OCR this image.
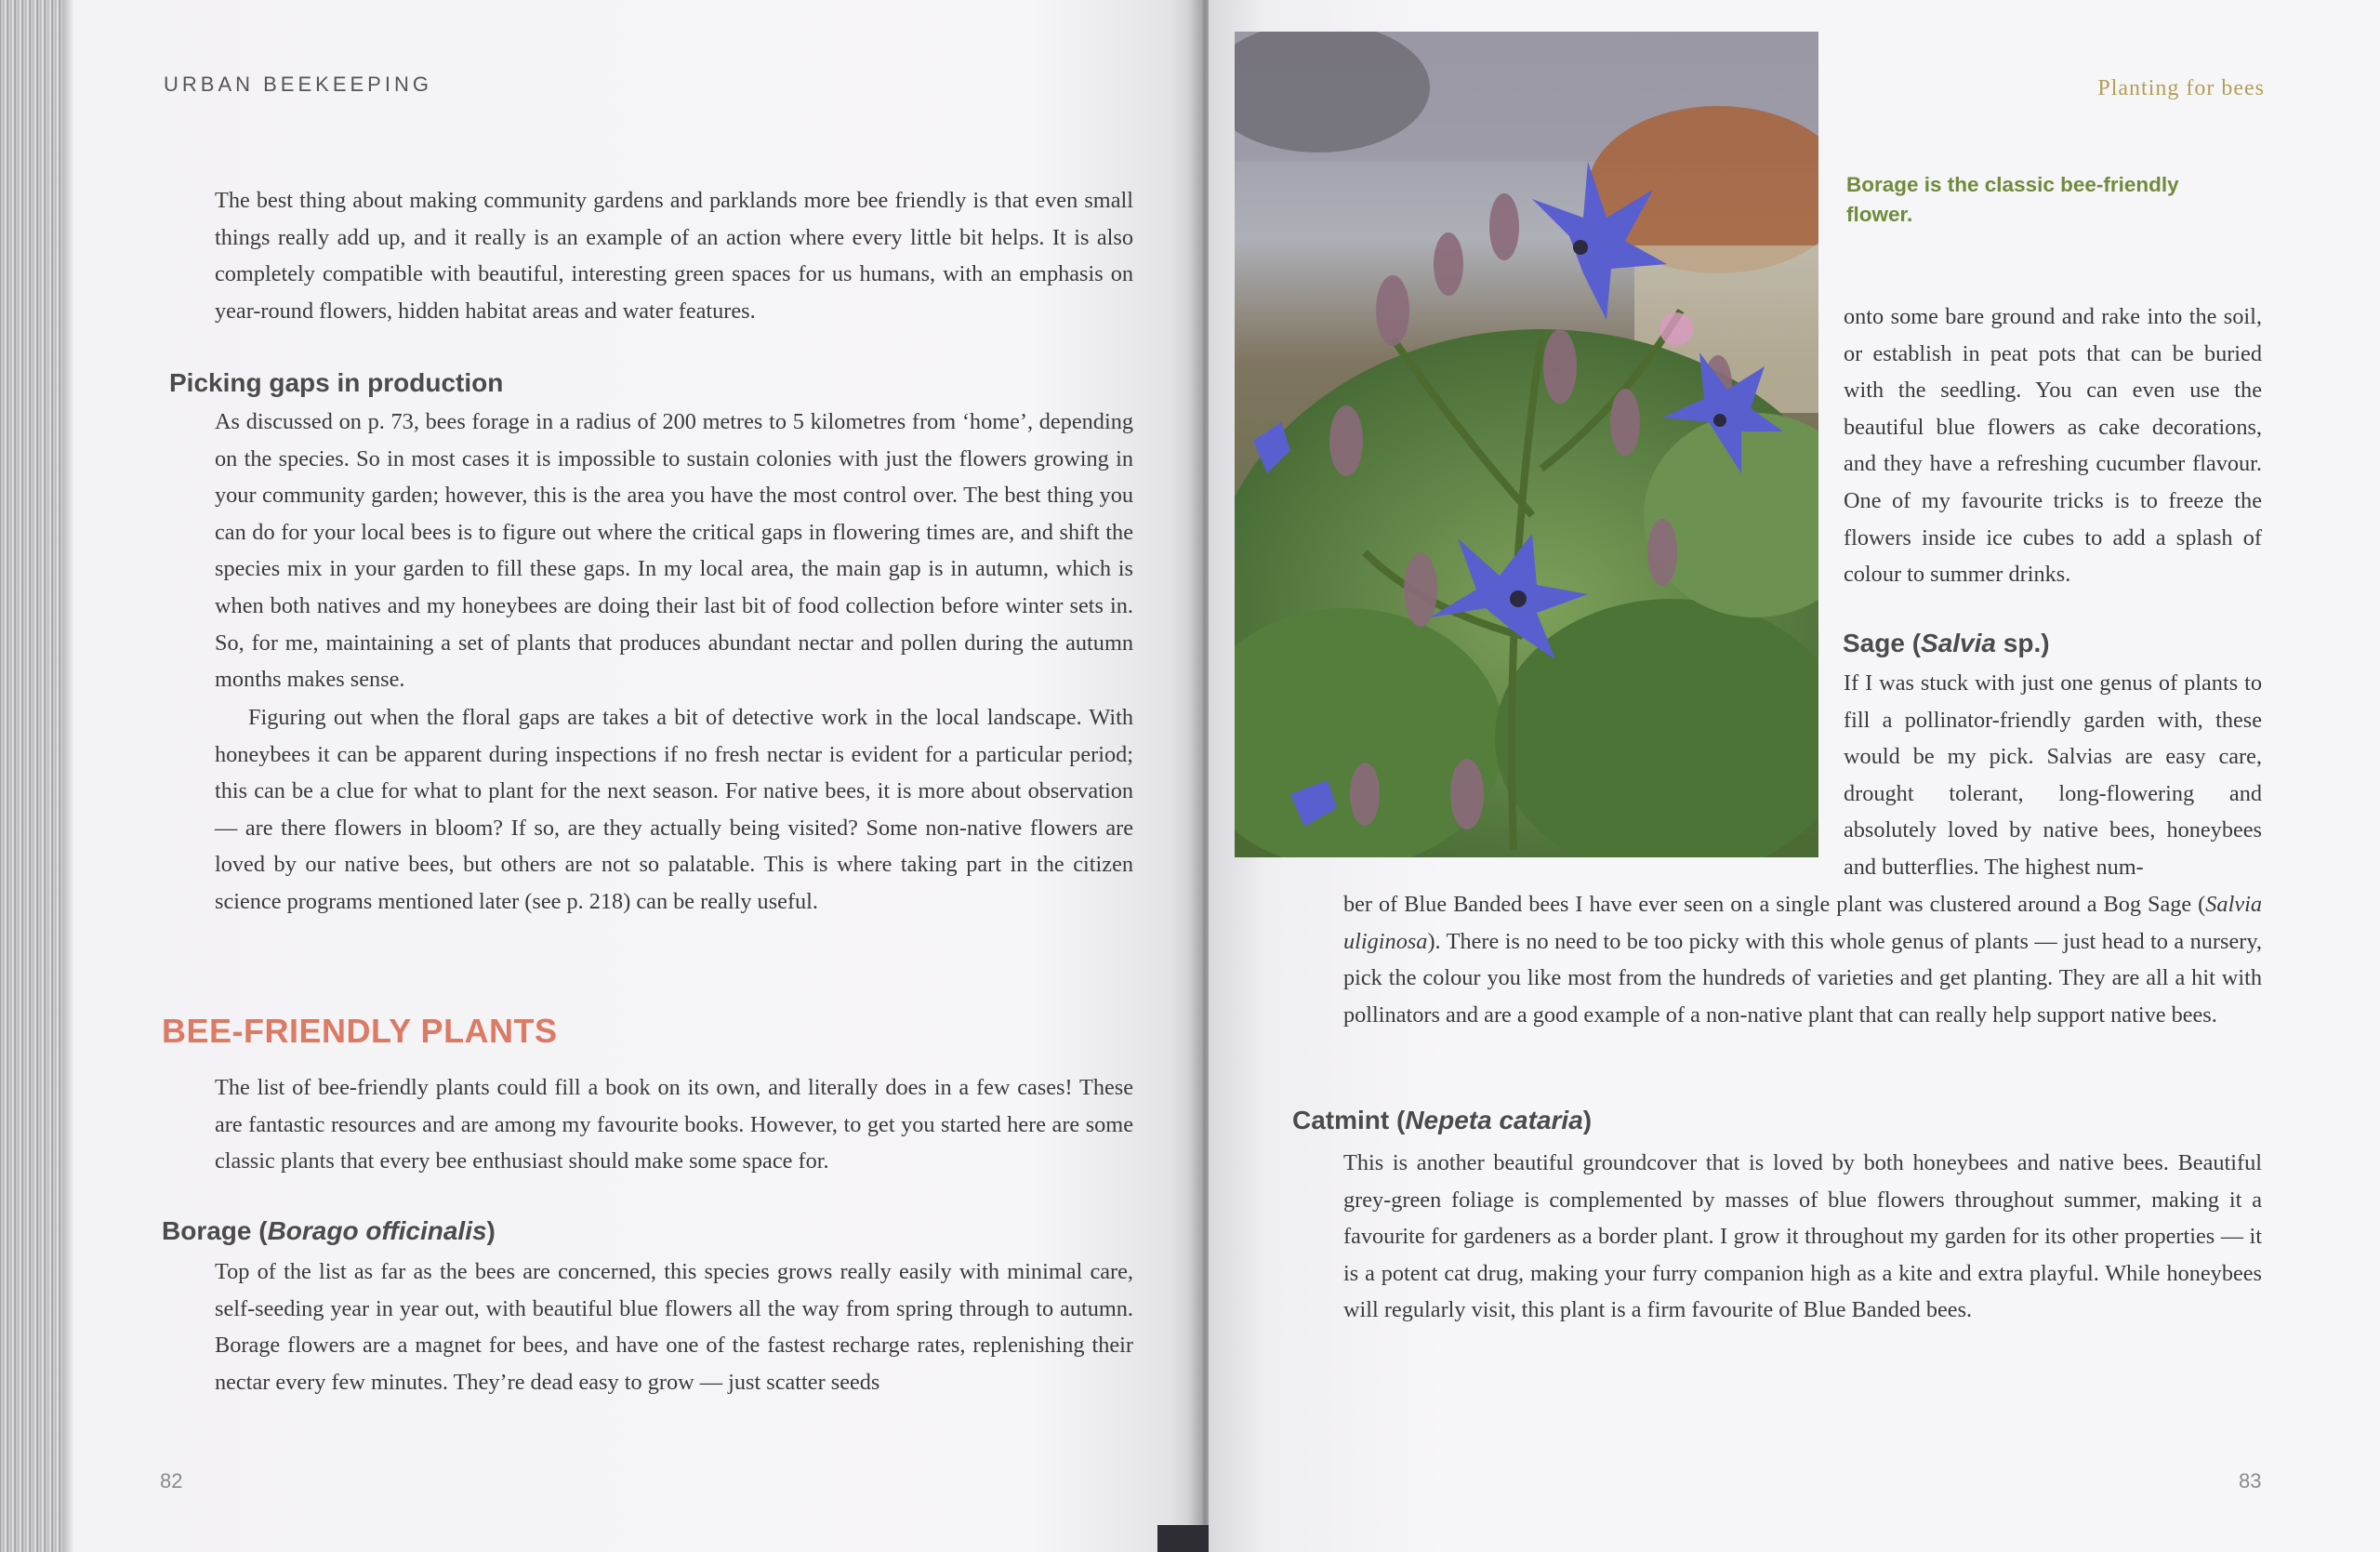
URBAN BEEKEEPING

The best thing about making community gardens and parklands more bee friendly is that even small things really add up, and it really is an example of an action where every little bit helps. It is also completely compatible with beautiful, interesting green spaces for us humans, with an emphasis on year-round flowers, hidden habitat areas and water features.

Picking gaps in production

As discussed on p. 73, bees forage in a radius of 200 metres to 5 kilometres from ‘home’, depending on the species. So in most cases it is impossible to sustain colonies with just the flowers growing in your community garden; however, this is the area you have the most control over. The best thing you can do for your local bees is to figure out where the critical gaps in flowering times are, and shift the species mix in your garden to fill these gaps. In my local area, the main gap is in autumn, which is when both natives and my honeybees are doing their last bit of food collection before winter sets in. So, for me, maintaining a set of plants that produces abundant nectar and pollen during the autumn months makes sense.

Figuring out when the floral gaps are takes a bit of detective work in the local landscape. With honeybees it can be apparent during inspections if no fresh nectar is evident for a particular period; this can be a clue for what to plant for the next season. For native bees, it is more about observation — are there flowers in bloom? If so, are they actually being visited? Some non-native flowers are loved by our native bees, but others are not so palatable. This is where taking part in the citizen science programs mentioned later (see p. 218) can be really useful.

BEE-FRIENDLY PLANTS

The list of bee-friendly plants could fill a book on its own, and literally does in a few cases! These are fantastic resources and are among my favourite books. However, to get you started here are some classic plants that every bee enthusiast should make some space for.

Borage (Borago officinalis)

Top of the list as far as the bees are concerned, this species grows really easily with minimal care, self-seeding year in year out, with beautiful blue flowers all the way from spring through to autumn. Borage flowers are a magnet for bees, and have one of the fastest recharge rates, replenishing their nectar every few minutes. They’re dead easy to grow — just scatter seeds

82
Planting for bees
Borage is the classic bee-friendly flower.

onto some bare ground and rake into the soil, or establish in peat pots that can be buried with the seedling. You can even use the beautiful blue flowers as cake decorations, and they have a refreshing cucumber flavour. One of my favourite tricks is to freeze the flowers inside ice cubes to add a splash of colour to summer drinks.

Sage (Salvia sp.)

If I was stuck with just one genus of plants to fill a pollinator-friendly garden with, these would be my pick. Salvias are easy care, drought tolerant, long-flowering and absolutely loved by native bees, honeybees and butterflies. The highest num-

ber of Blue Banded bees I have ever seen on a single plant was clustered around a Bog Sage (Salvia uliginosa). There is no need to be too picky with this whole genus of plants — just head to a nursery, pick the colour you like most from the hundreds of varieties and get planting. They are all a hit with pollinators and are a good example of a non-native plant that can really help support native bees.

Catmint (Nepeta cataria)

This is another beautiful groundcover that is loved by both honeybees and native bees. Beautiful grey-green foliage is complemented by masses of blue flowers throughout summer, making it a favourite for gardeners as a border plant. I grow it throughout my garden for its other properties — it is a potent cat drug, making your furry companion high as a kite and extra playful. While honeybees will regularly visit, this plant is a firm favourite of Blue Banded bees.

83
